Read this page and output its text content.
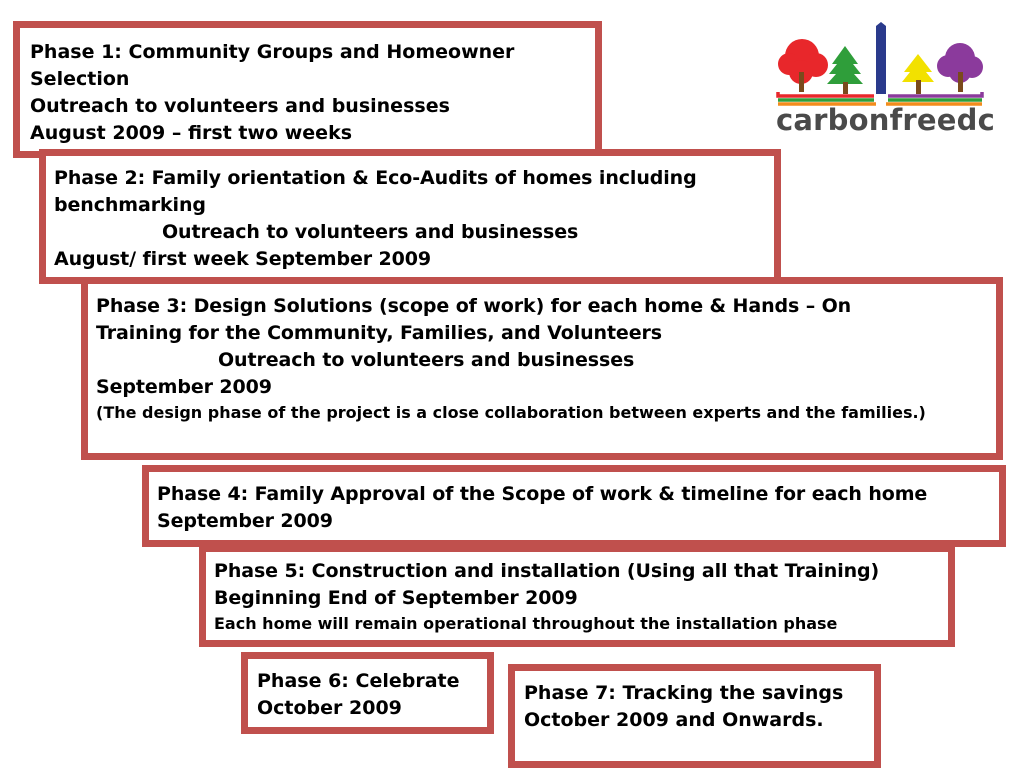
Phase 1: Community Groups and Homeowner
Selection
Outreach to volunteers and businesses
August 2009 – first two weeks
Phase 2: Family orientation & Eco-Audits of homes including
benchmarking
Outreach to volunteers and businesses
August/ first week September 2009
Phase 3: Design Solutions (scope of work) for each home & Hands – On
Training for the Community, Families, and Volunteers
Outreach to volunteers and businesses
September 2009
(The design phase of the project is a close collaboration between experts and the families.)
Phase 4: Family Approval of the Scope of work & timeline for each home
September 2009
Phase 5: Construction and installation (Using all that Training)
Beginning End of September 2009
Each home will remain operational throughout the installation phase
Phase 6: Celebrate
October 2009
Phase 7: Tracking the savings
October 2009 and Onwards.
carbonfreedc
